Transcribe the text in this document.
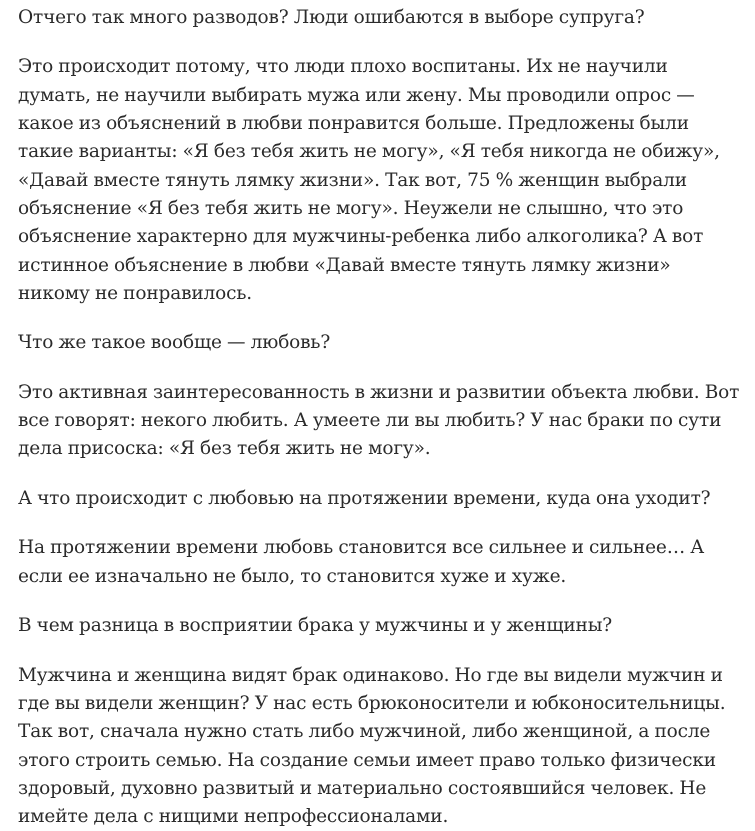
Отчего так много разводов? Люди ошибаются в выборе супруга?

Это происходит потому, что люди плохо воспитаны. Их не научили думать, не научили выбирать мужа или жену. Мы проводили опрос — какое из объяснений в любви понравится больше. Предложены были такие варианты: «Я без тебя жить не могу», «Я тебя никогда не обижу», «Давай вместе тянуть лямку жизни». Так вот, 75 % женщин выбрали объяснение «Я без тебя жить не могу». Неужели не слышно, что это объяснение характерно для мужчины-ребенка либо алкоголика? А вот истинное объяснение в любви «Давай вместе тянуть лямку жизни» никому не понравилось.

Что же такое вообще — любовь?

Это активная заинтересованность в жизни и развитии объекта любви. Вот все говорят: некого любить. А умеете ли вы любить? У нас браки по сути дела присоска: «Я без тебя жить не могу».

А что происходит с любовью на протяжении времени, куда она уходит?

На протяжении времени любовь становится все сильнее и сильнее… А если ее изначально не было, то становится хуже и хуже.

В чем разница в восприятии брака у мужчины и у женщины?

Мужчина и женщина видят брак одинаково. Но где вы видели мужчин и где вы видели женщин? У нас есть брюконосители и юбконосительницы. Так вот, сначала нужно стать либо мужчиной, либо женщиной, а после этого строить семью. На создание семьи имеет право только физически здоровый, духовно развитый и материально состоявшийся человек. Не имейте дела с нищими непрофессионалами.
